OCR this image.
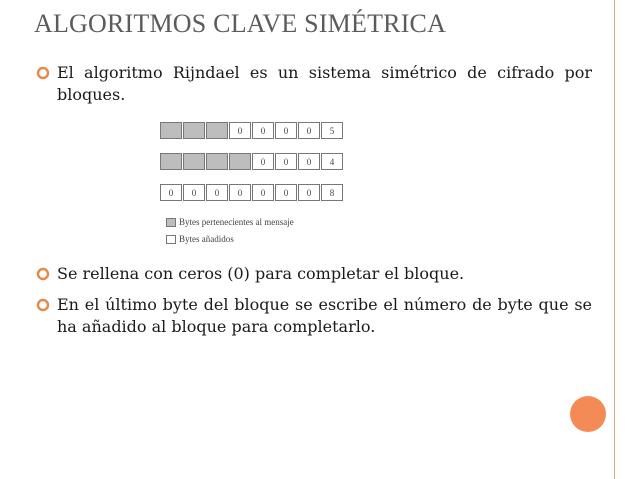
ALGORITMOS CLAVE SIMÉTRICA
El algoritmo Rijndael es un sistema simétrico de cifrado por bloques.
0	0	0	0	5
0	0	0	4
0	0	0	0	0	0	0	8
Bytes pertenecientes al mensaje
Bytes añadidos
Se rellena con ceros (0) para completar el bloque.
En el último byte del bloque se escribe el número de byte que se ha añadido al bloque para completarlo.
